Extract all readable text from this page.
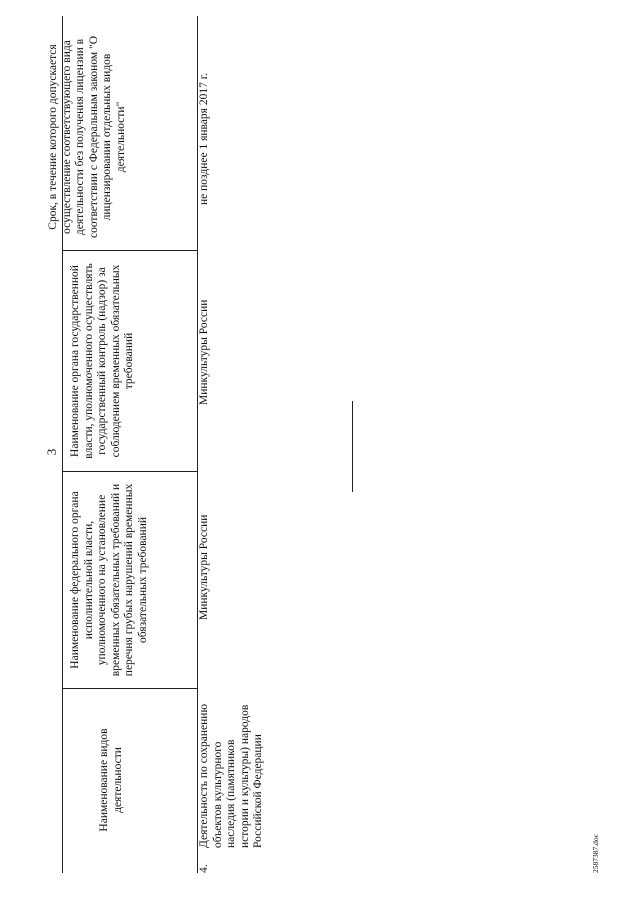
3
Наименование видов деятельности
Наименование федерального органа исполнительной власти, уполномоченного на установление временных обязательных требований и перечня грубых нарушений временных обязательных требований
Наименование органа государственной власти, уполномоченного осуществлять государственный контроль (надзор) за соблюдением временных обязательных требований
Срок, в течение которого допускается осуществление соответствующего вида деятельности без получения лицензии в соответствии с Федеральным законом "О лицензировании отдельных видов деятельности"
4.
Деятельность по сохранению объектов культурного наследия (памятников истории и культуры) народов Российской Федерации
Минкультуры России
Минкультуры России
не позднее 1 января 2017 г.
2587387.doc
